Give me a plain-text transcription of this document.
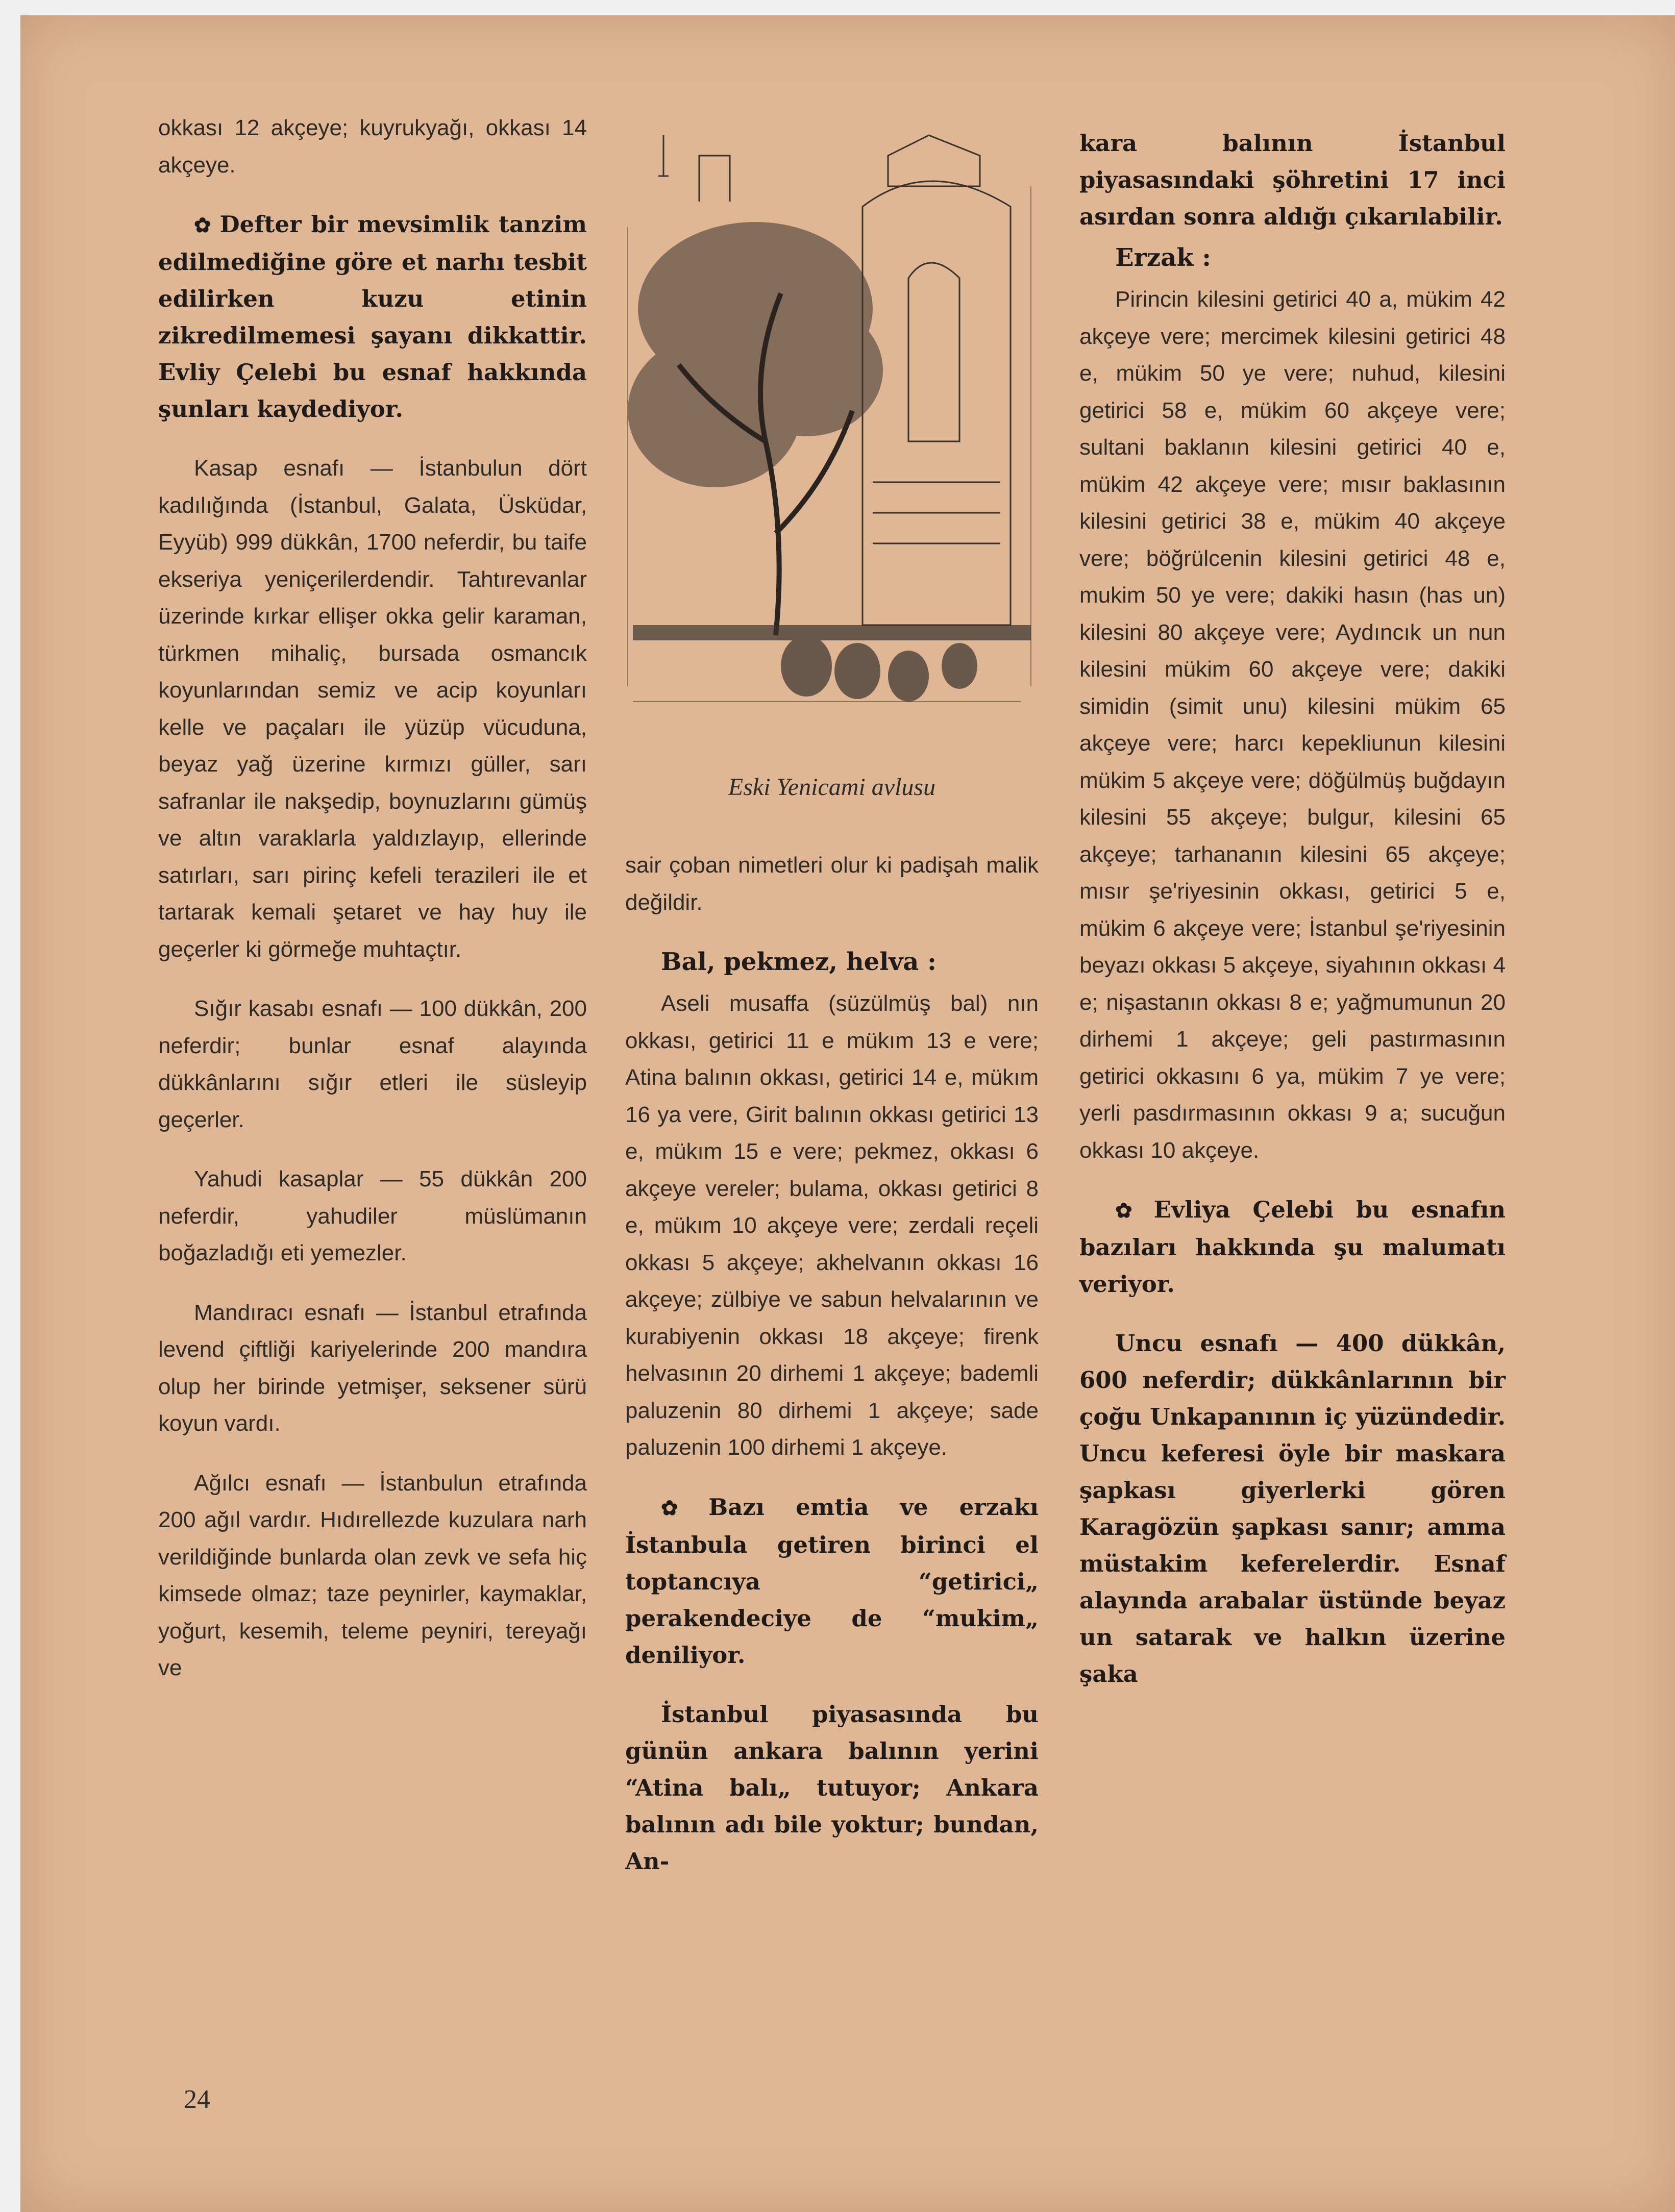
okkası 12 akçeye; kuyrukyağı, okkası 14 akçeye.

✿ Defter bir mevsimlik tanzim edilmediğine göre et narhı tesbit edilirken kuzu etinin zikredilmemesi şayanı dikkattir. Evliy Çelebi bu esnaf hakkında şunları kaydediyor.

Kasap esnafı — İstanbulun dört kadılığında (İstanbul, Galata, Üsküdar, Eyyüb) 999 dükkân, 1700 neferdir, bu taife ekseriya yeniçerilerdendir. Tahtırevanlar üzerinde kırkar ellişer okka gelir karaman, türkmen mihaliç, bursada osmancık koyunlarından semiz ve acip koyunları kelle ve paçaları ile yüzüp vücuduna, beyaz yağ üzerine kırmızı güller, sarı safranlar ile nakşedip, boynuzlarını gümüş ve altın varaklarla yaldızlayıp, ellerinde satırları, sarı pirinç kefeli terazileri ile et tartarak kemali şetaret ve hay huy ile geçerler ki görmeğe muhtaçtır.

Sığır kasabı esnafı — 100 dükkân, 200 neferdir; bunlar esnaf alayında dükkânlarını sığır etleri ile süsleyip geçerler.

Yahudi kasaplar — 55 dükkân 200 neferdir, yahudiler müslümanın boğazladığı eti yemezler.

Mandıracı esnafı — İstanbul etrafında levend çiftliği kariyelerinde 200 mandıra olup her birinde yetmişer, seksener sürü koyun vardı.

Ağılcı esnafı — İstanbulun etrafında 200 ağıl vardır. Hıdırellezde kuzulara narh verildiğinde bunlarda olan zevk ve sefa hiç kimsede olmaz; taze peynirler, kaymaklar, yoğurt, kesemih, teleme peyniri, tereyağı ve

Eski Yenicami avlusu

sair çoban nimetleri olur ki padişah malik değildir.

Bal, pekmez, helva :

Aseli musaffa (süzülmüş bal) nın okkası, getirici 11 e mükım 13 e vere; Atina balının okkası, getirici 14 e, mükım 16 ya vere, Girit balının okkası getirici 13 e, mükım 15 e vere; pekmez, okkası 6 akçeye vereler; bulama, okkası getirici 8 e, mükım 10 akçeye vere; zerdali reçeli okkası 5 akçeye; akhelvanın okkası 16 akçeye; zülbiye ve sabun helvalarının ve kurabiyenin okkası 18 akçeye; firenk helvasının 20 dirhemi 1 akçeye; bademli paluzenin 80 dirhemi 1 akçeye; sade paluzenin 100 dirhemi 1 akçeye.

✿ Bazı emtia ve erzakı İstanbula getiren birinci el toptancıya “getirici„ perakendeciye de “mukim„ deniliyor.

İstanbul piyasasında bu günün ankara balının yerini “Atina balı„ tutuyor; Ankara balının adı bile yoktur; bundan, An-

kara balının İstanbul piyasasındaki şöhretini 17 inci asırdan sonra aldığı çıkarılabilir.

Erzak :

Pirincin kilesini getirici 40 a, mükim 42 akçeye vere; mercimek kilesini getirici 48 e, mükim 50 ye vere; nuhud, kilesini getirici 58 e, mükim 60 akçeye vere; sultani baklanın kilesini getirici 40 e, mükim 42 akçeye vere; mısır baklasının kilesini getirici 38 e, mükim 40 akçeye vere; böğrülcenin kilesini getirici 48 e, mukim 50 ye vere; dakiki hasın (has un) kilesini 80 akçeye vere; Aydıncık un nun kilesini mükim 60 akçeye vere; dakiki simidin (simit unu) kilesini mükim 65 akçeye vere; harcı kepekliunun kilesini mükim 5 akçeye vere; döğülmüş buğdayın kilesini 55 akçeye; bulgur, kilesini 65 akçeye; tarhananın kilesini 65 akçeye; mısır şe'riyesinin okkası, getirici 5 e, mükim 6 akçeye vere; İstanbul şe'riyesinin beyazı okkası 5 akçeye, siyahının okkası 4 e; nişastanın okkası 8 e; yağmumunun 20 dirhemi 1 akçeye; geli pastırmasının getirici okkasını 6 ya, mükim 7 ye vere; yerli pasdırmasının okkası 9 a; sucuğun okkası 10 akçeye.

✿ Evliya Çelebi bu esnafın bazıları hakkında şu malumatı veriyor.

Uncu esnafı — 400 dükkân, 600 neferdir; dükkânlarının bir çoğu Unkapanının iç yüzündedir. Uncu keferesi öyle bir maskara şapkası giyerlerki gören Karagözün şapkası sanır; amma müstakim keferelerdir. Esnaf alayında arabalar üstünde beyaz un satarak ve halkın üzerine şaka

24
